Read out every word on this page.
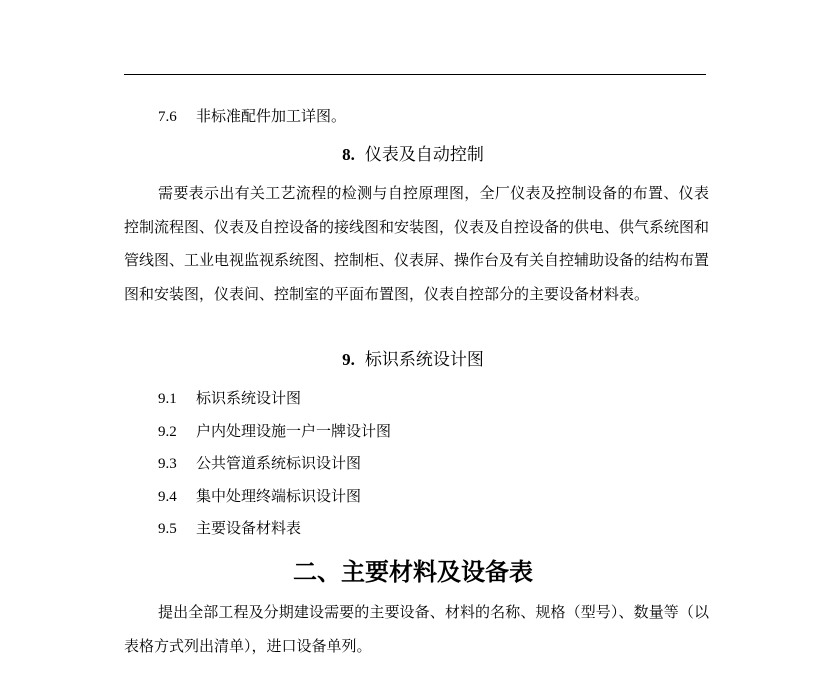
7.6 非标准配件加工详图。
8. 仪表及自动控制
需要表示出有关工艺流程的检测与自控原理图，全厂仪表及控制设备的布置、仪表控制流程图、仪表及自控设备的接线图和安装图，仪表及自控设备的供电、供气系统图和管线图、工业电视监视系统图、控制柜、仪表屏、操作台及有关自控辅助设备的结构布置图和安装图，仪表间、控制室的平面布置图，仪表自控部分的主要设备材料表。
9. 标识系统设计图
9.1 标识系统设计图
9.2 户内处理设施一户一牌设计图
9.3 公共管道系统标识设计图
9.4 集中处理终端标识设计图
9.5 主要设备材料表
二、主要材料及设备表
提出全部工程及分期建设需要的主要设备、材料的名称、规格（型号）、数量等（以表格方式列出清单），进口设备单列。
